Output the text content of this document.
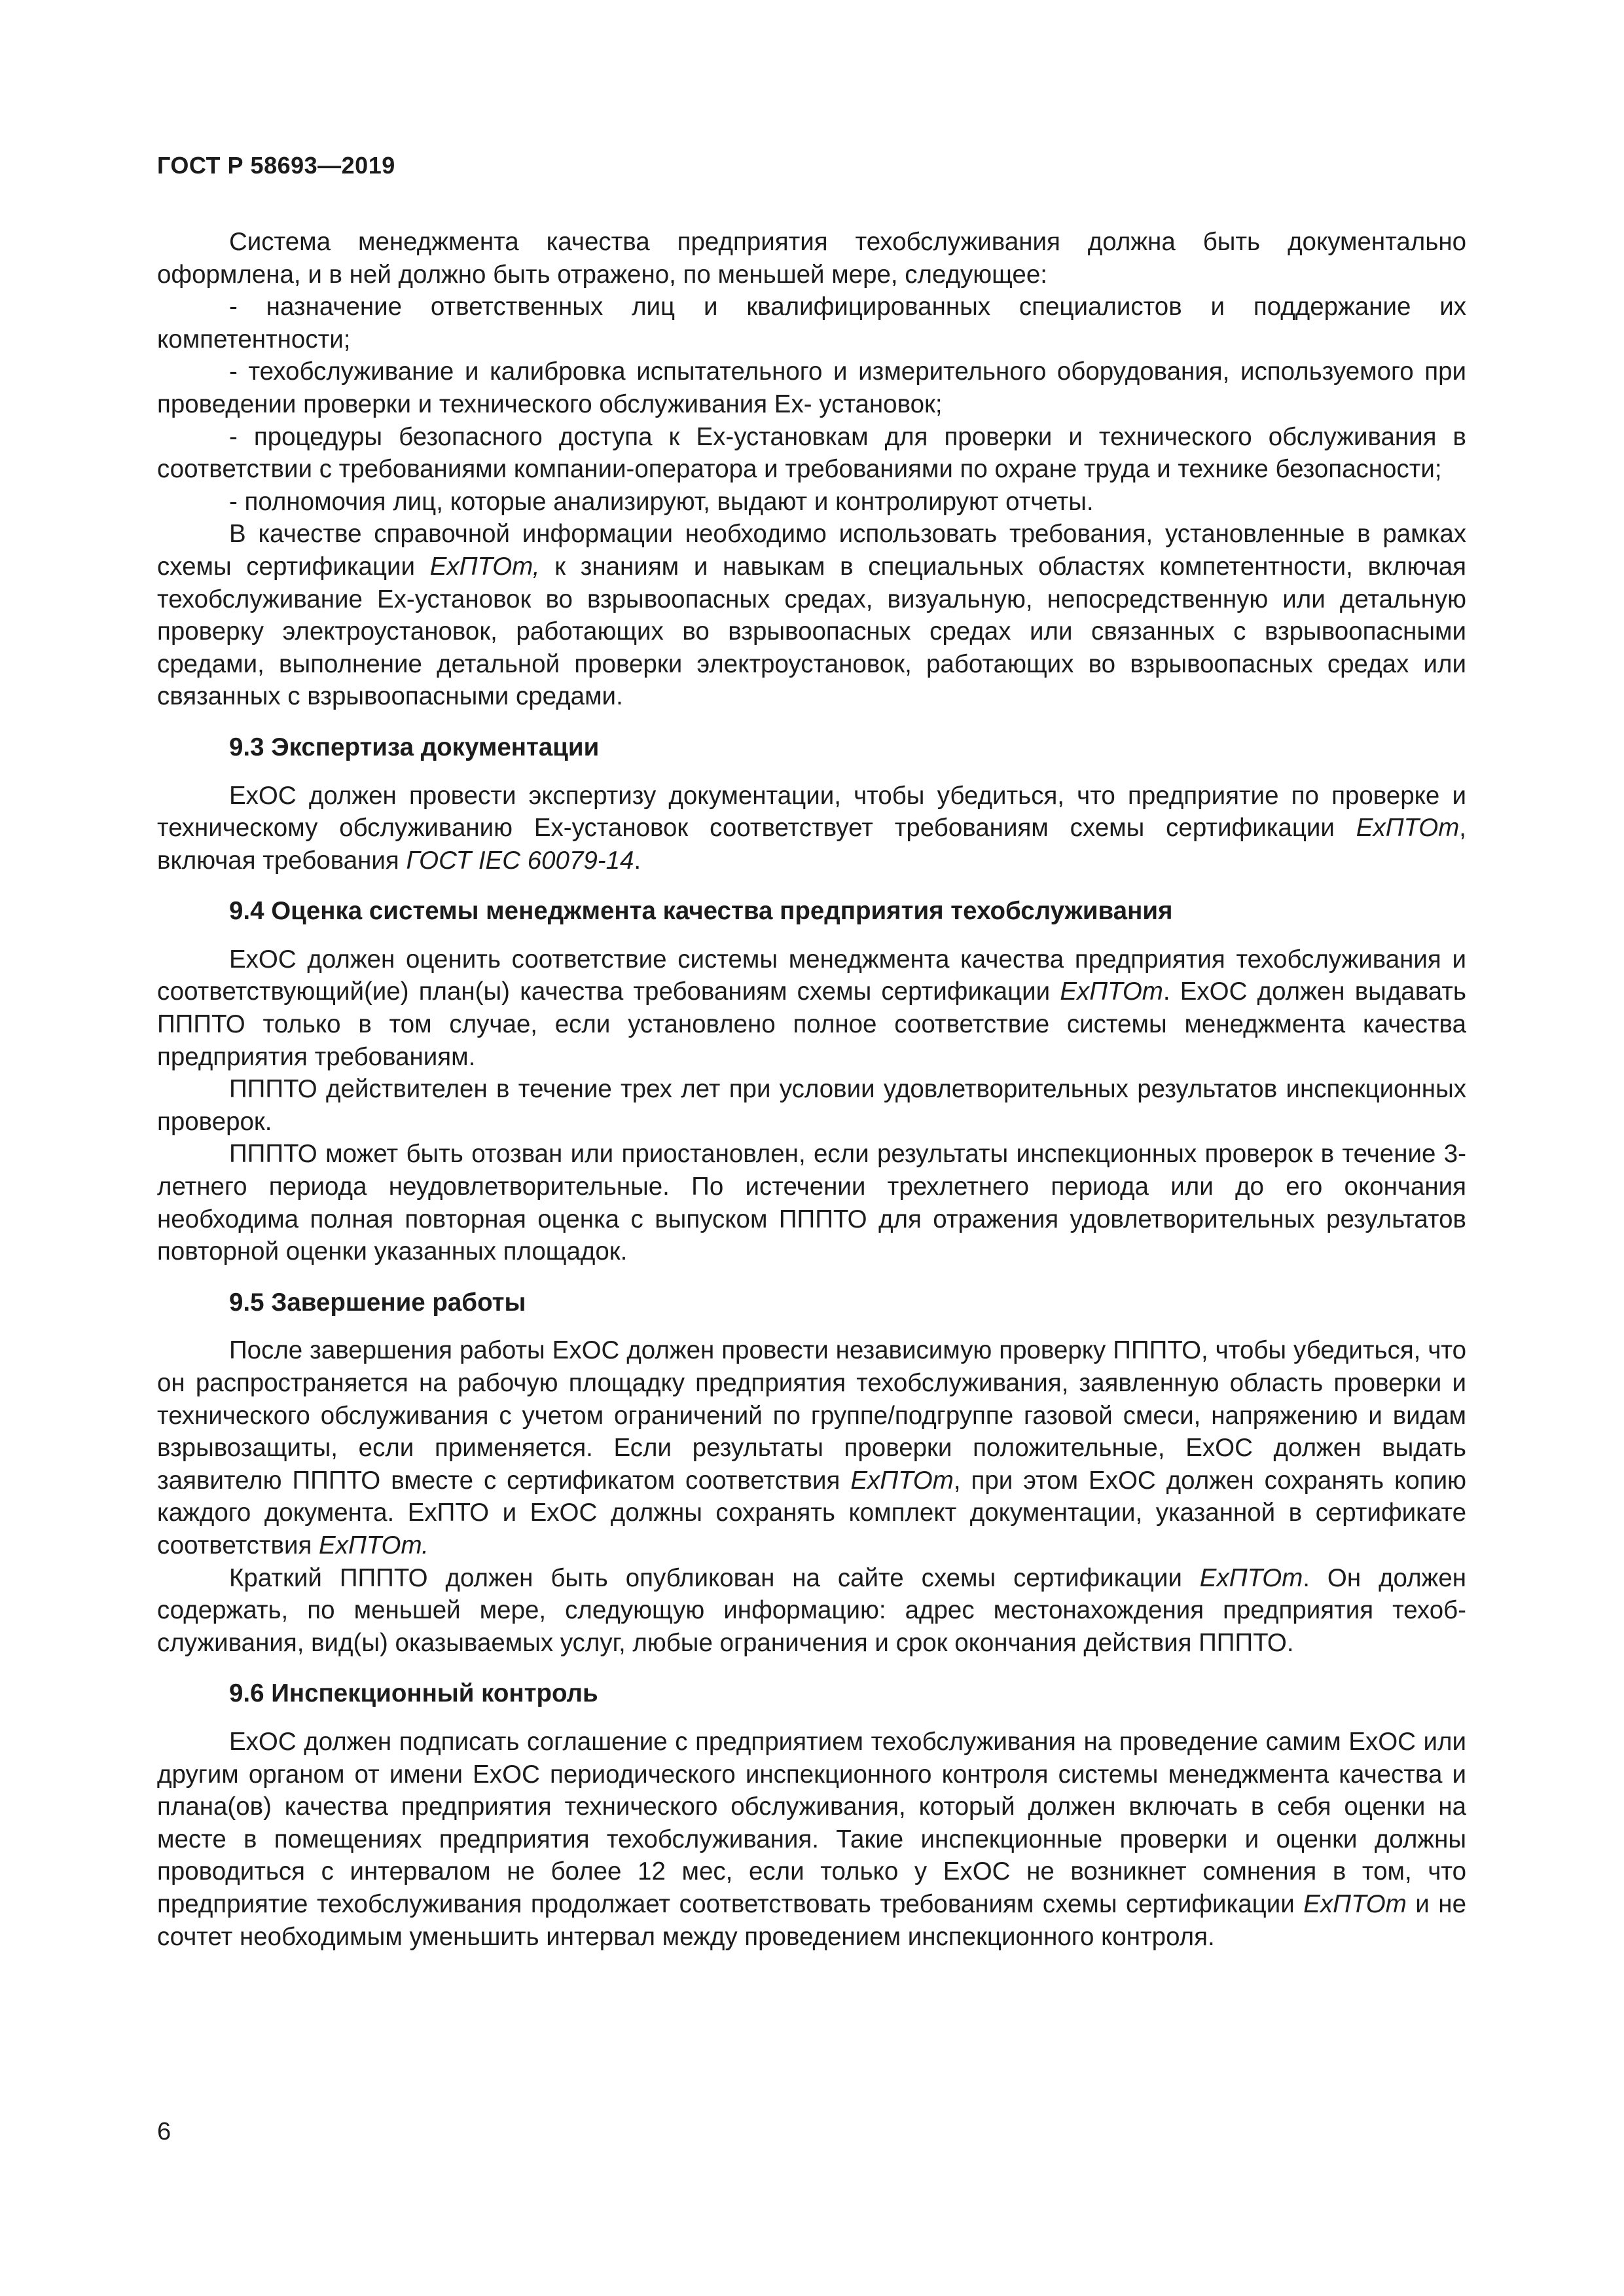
ГОСТ Р 58693—2019

Система менеджмента качества предприятия техобслуживания должна быть документально оформлена, и в ней должно быть отражено, по меньшей мере, следующее:

- назначение ответственных лиц и квалифицированных специалистов и поддержание их компетентности;

- техобслуживание и калибровка испытательного и измерительного оборудования, используемого при проведении проверки и технического обслуживания Ex- установок;

- процедуры безопасного доступа к Ex-установкам для проверки и технического обслуживания в соответствии с требованиями компании-оператора и требованиями по охране труда и технике безопасности;

- полномочия лиц, которые анализируют, выдают и контролируют отчеты.

В качестве справочной информации необходимо использовать требования, установленные в рамках схемы сертификации ЕхПТОт, к знаниям и навыкам в специальных областях компетентности, включая техобслуживание Ex-установок во взрывоопасных средах, визуальную, непосредственную или детальную проверку электроустановок, работающих во взрывоопасных средах или связанных с взрывоопасными средами, выполнение детальной проверки электроустановок, работающих во взрывоопасных средах или связанных с взрывоопасными средами.

9.3 Экспертиза документации

ЕхОС должен провести экспертизу документации, чтобы убедиться, что предприятие по проверке и техническому обслуживанию Ex-установок соответствует требованиям схемы сертификации ЕхПТОт, включая требования ГОСТ IEC 60079-14.

9.4 Оценка системы менеджмента качества предприятия техобслуживания

ЕхОС должен оценить соответствие системы менеджмента качества предприятия техобслуживания и соответствующий(ие) план(ы) качества требованиям схемы сертификации ЕхПТОт. ЕхОС должен выдавать ПППТО только в том случае, если установлено полное соответствие системы менеджмента качества предприятия требованиям.

ПППТО действителен в течение трех лет при условии удовлетворительных результатов инспекционных проверок.

ПППТО может быть отозван или приостановлен, если результаты инспекционных проверок в течение 3-летнего периода неудовлетворительные. По истечении трехлетнего периода или до его окончания необходима полная повторная оценка с выпуском ПППТО для отражения удовлетворительных результатов повторной оценки указанных площадок.

9.5 Завершение работы

После завершения работы ЕхОС должен провести независимую проверку ПППТО, чтобы убедиться, что он распространяется на рабочую площадку предприятия техобслуживания, заявленную область проверки и технического обслуживания с учетом ограничений по группе/подгруппе газовой смеси, напряжению и видам взрывозащиты, если применяется. Если результаты проверки положительные, ЕхОС должен выдать заявителю ПППТО вместе с сертификатом соответствия ЕхПТОт, при этом ЕхОС должен сохранять копию каждого документа. ЕхПТО и ЕхОС должны сохранять комплект документации, указанной в сертификате соответствия ЕхПТОт.

Краткий ПППТО должен быть опубликован на сайте схемы сертификации ЕхПТОт. Он должен содержать, по меньшей мере, следующую информацию: адрес местонахождения предприятия техобслуживания, вид(ы) оказываемых услуг, любые ограничения и срок окончания действия ПППТО.

9.6 Инспекционный контроль

ЕхОС должен подписать соглашение с предприятием техобслуживания на проведение самим ЕхОС или другим органом от имени ЕхОС периодического инспекционного контроля системы менеджмента качества и плана(ов) качества предприятия технического обслуживания, который должен включать в себя оценки на месте в помещениях предприятия техобслуживания. Такие инспекционные проверки и оценки должны проводиться с интервалом не более 12 мес, если только у ЕхОС не возникнет сомнения в том, что предприятие техобслуживания продолжает соответствовать требованиям схемы сертификации ЕхПТОт и не сочтет необходимым уменьшить интервал между проведением инспекционного контроля.

6
